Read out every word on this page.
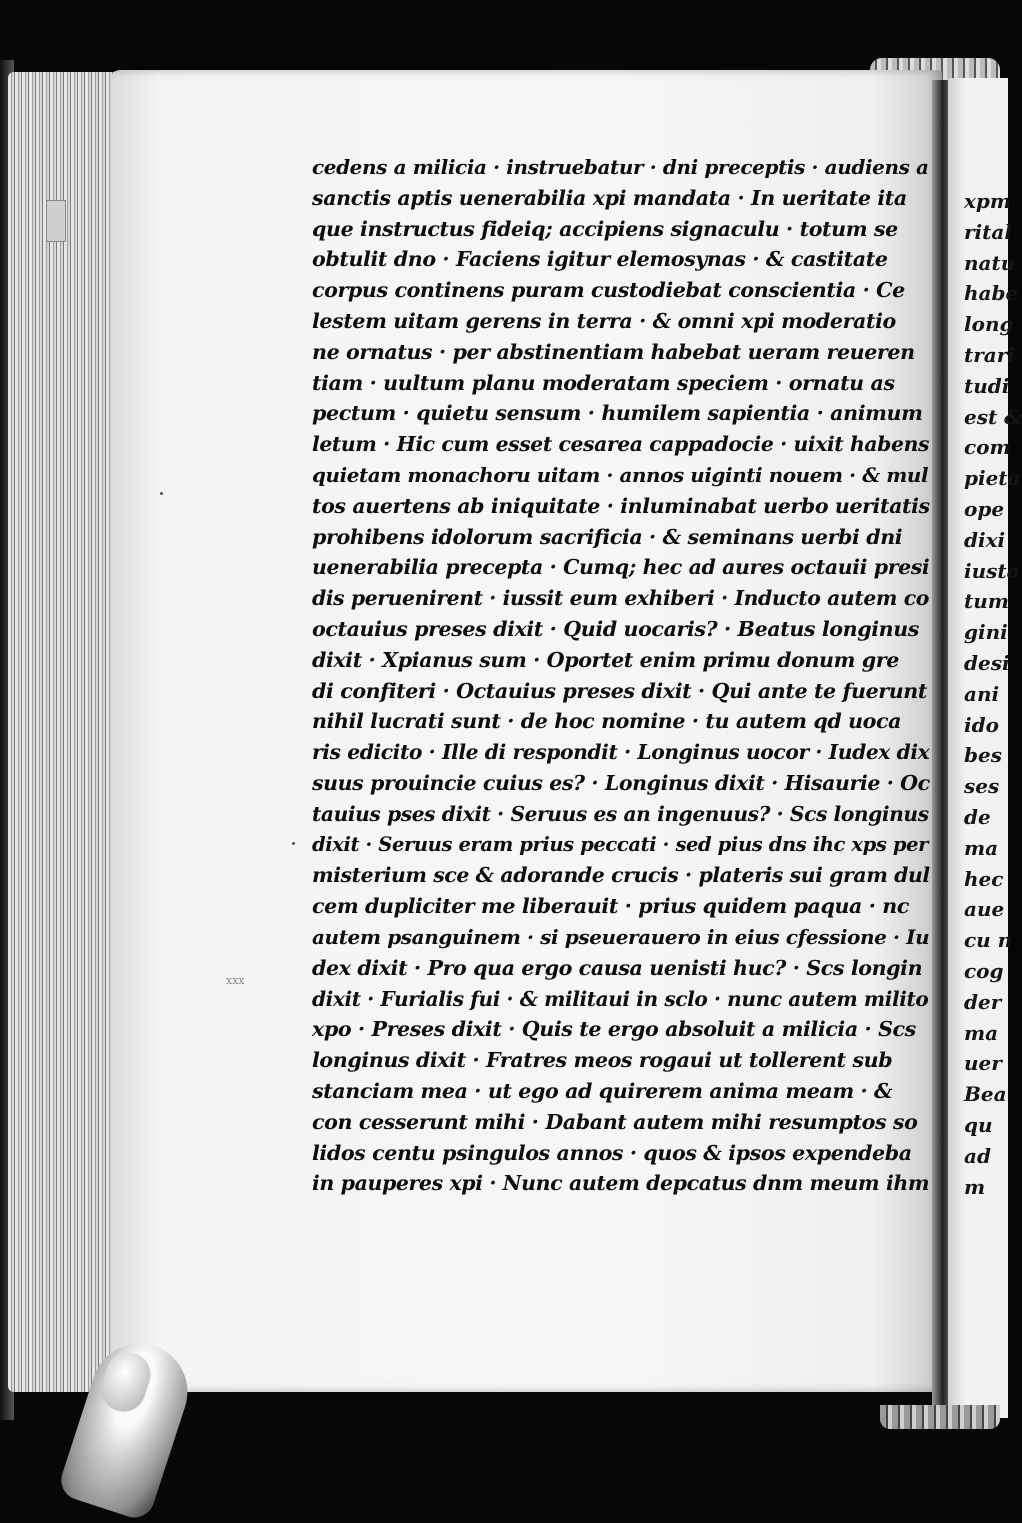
xpm
rital
natu
habe
long
trari
tudi
est &
com
pieta
ope
dixi
iusta
tum
gini
desi
ani
ido
bes
ses
de
ma
hec
aue
cu n
cog
der
ma
uer
Bea
qu
ad
m
cedens a milicia · instruebatur · dni preceptis · audiens a
sanctis aptis uenerabilia xpi mandata · In ueritate ita
que instructus fideiq; accipiens signaculu · totum se
obtulit dno · Faciens igitur elemosynas · & castitate
corpus continens puram custodiebat conscientia · Ce
lestem uitam gerens in terra · & omni xpi moderatio
ne ornatus · per abstinentiam habebat ueram reueren
tiam · uultum planu moderatam speciem · ornatu as
pectum · quietu sensum · humilem sapientia · animum
letum · Hic cum esset cesarea cappadocie · uixit habens
quietam monachoru uitam · annos uiginti nouem · & mul
tos auertens ab iniquitate · inluminabat uerbo ueritatis
prohibens idolorum sacrificia · & seminans uerbi dni
uenerabilia precepta · Cumq; hec ad aures octauii presi
dis peruenirent · iussit eum exhiberi · Inducto autem co
octauius preses dixit · Quid uocaris? · Beatus longinus
dixit · Xpianus sum · Oportet enim primu donum gre
di confiteri · Octauius preses dixit · Qui ante te fuerunt
nihil lucrati sunt · de hoc nomine · tu autem qd uoca
ris edicito · Ille di respondit · Longinus uocor · Iudex dix
suus prouincie cuius es? · Longinus dixit · Hisaurie · Oc
tauius pses dixit · Seruus es an ingenuus? · Scs longinus
dixit · Seruus eram prius peccati · sed pius dns ihc xps per
misterium sce & adorande crucis · plateris sui gram dul
cem dupliciter me liberauit · prius quidem paqua · nc
autem psanguinem · si pseuerauero in eius cfessione · Iu
dex dixit · Pro qua ergo causa uenisti huc? · Scs longin
dixit · Furialis fui · & militaui in sclo · nunc autem milito
xpo · Preses dixit · Quis te ergo absoluit a milicia · Scs
longinus dixit · Fratres meos rogaui ut tollerent sub
stanciam mea · ut ego ad quirerem anima meam · &
con cesserunt mihi · Dabant autem mihi resumptos so
lidos centu psingulos annos · quos & ipsos expendeba
in pauperes xpi · Nunc autem depcatus dnm meum ihm
xxx
